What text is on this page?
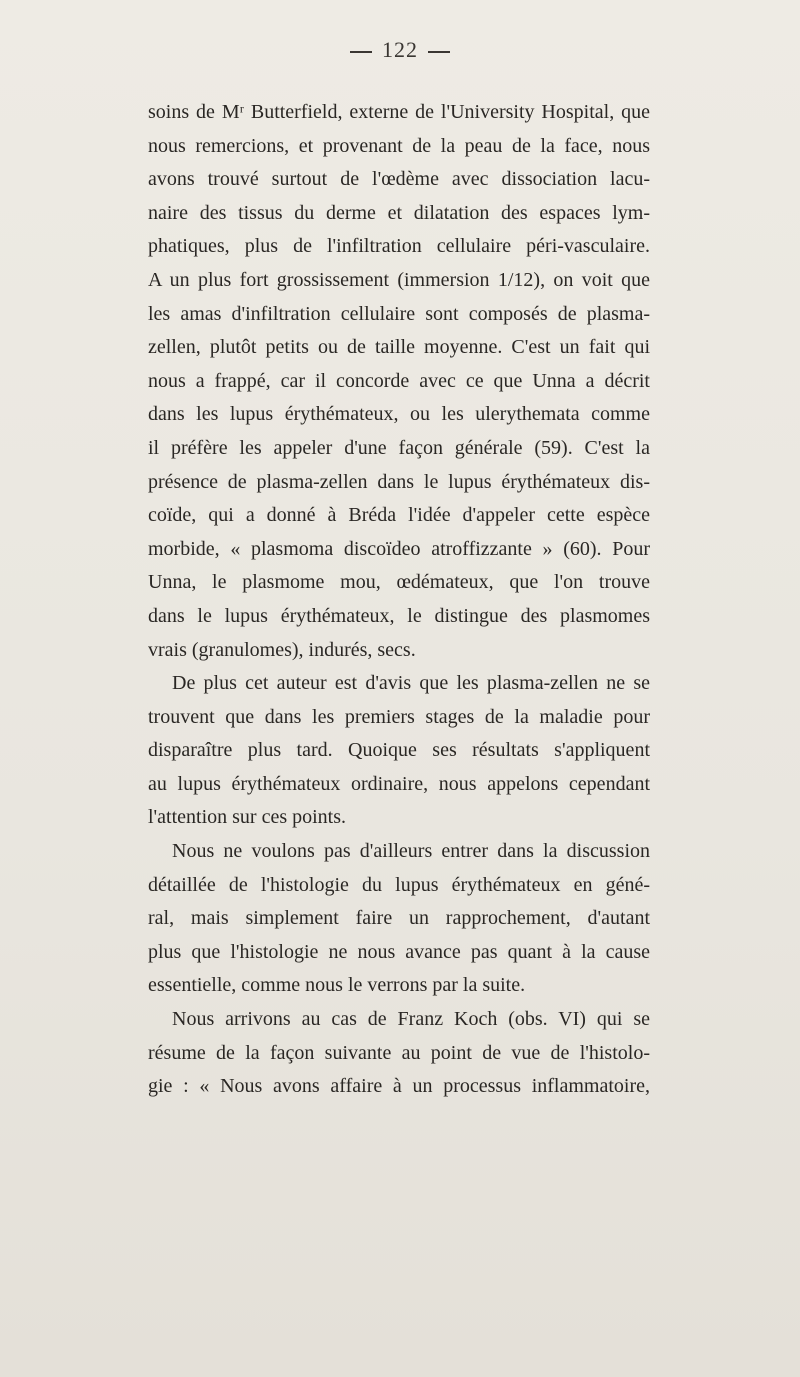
122
soins de Mʳ Butterfield, externe de l'University Hospital, que
nous remercions, et provenant de la peau de la face, nous
avons trouvé surtout de l'œdème avec dissociation lacu-
naire des tissus du derme et dilatation des espaces lym-
phatiques, plus de l'infiltration cellulaire péri-vasculaire.
A un plus fort grossissement (immersion 1/12), on voit que
les amas d'infiltration cellulaire sont composés de plasma-
zellen, plutôt petits ou de taille moyenne. C'est un fait qui
nous a frappé, car il concorde avec ce que Unna a décrit
dans les lupus érythémateux, ou les ulerythemata comme
il préfère les appeler d'une façon générale (59). C'est la
présence de plasma-zellen dans le lupus érythémateux dis-
coïde, qui a donné à Bréda l'idée d'appeler cette espèce
morbide, « plasmoma discoïdeo atroffizzante » (60). Pour
Unna, le plasmome mou, œdémateux, que l'on trouve
dans le lupus érythémateux, le distingue des plasmomes
vrais (granulomes), indurés, secs.
De plus cet auteur est d'avis que les plasma-zellen ne se
trouvent que dans les premiers stages de la maladie pour
disparaître plus tard. Quoique ses résultats s'appliquent
au lupus érythémateux ordinaire, nous appelons cependant
l'attention sur ces points.
Nous ne voulons pas d'ailleurs entrer dans la discussion
détaillée de l'histologie du lupus érythémateux en géné-
ral, mais simplement faire un rapprochement, d'autant
plus que l'histologie ne nous avance pas quant à la cause
essentielle, comme nous le verrons par la suite.
Nous arrivons au cas de Franz Koch (obs. VI) qui se
résume de la façon suivante au point de vue de l'histolo-
gie : « Nous avons affaire à un processus inflammatoire,
